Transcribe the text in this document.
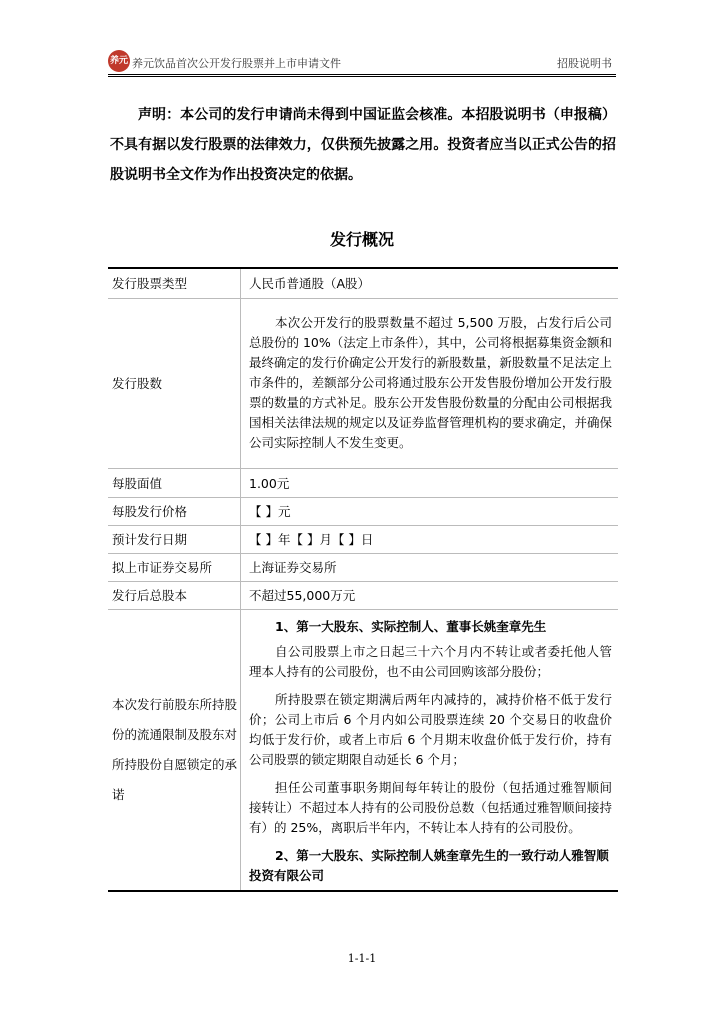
养元 养元饮品首次公开发行股票并上市申请文件	招股说明书
声明：本公司的发行申请尚未得到中国证监会核准。本招股说明书（申报稿）不具有据以发行股票的法律效力，仅供预先披露之用。投资者应当以正式公告的招股说明书全文作为作出投资决定的依据。
发行概况
发行股票类型	人民币普通股（A股）
发行股数	本次公开发行的股票数量不超过 5,500 万股，占发行后公司总股份的 10%（法定上市条件），其中，公司将根据募集资金额和最终确定的发行价确定公开发行的新股数量，新股数量不足法定上市条件的，差额部分公司将通过股东公开发售股份增加公开发行股票的数量的方式补足。股东公开发售股份数量的分配由公司根据我国相关法律法规的规定以及证券监督管理机构的要求确定，并确保公司实际控制人不发生变更。

每股面值	1.00元
每股发行价格	【 】元
预计发行日期	【 】年【 】月【 】日
拟上市证券交易所	上海证券交易所
发行后总股本	不超过55,000万元
本次发行前股东所持股份的流通限制及股东对所持股份自愿锁定的承诺	1、第一大股东、实际控制人、董事长姚奎章先生
自公司股票上市之日起三十六个月内不转让或者委托他人管理本人持有的公司股份，也不由公司回购该部分股份；
所持股票在锁定期满后两年内减持的，减持价格不低于发行价；公司上市后 6 个月内如公司股票连续 20 个交易日的收盘价均低于发行价，或者上市后 6 个月期末收盘价低于发行价，持有公司股票的锁定期限自动延长 6 个月；
担任公司董事职务期间每年转让的股份（包括通过雅智顺间接转让）不超过本人持有的公司股份总数（包括通过雅智顺间接持有）的 25%，离职后半年内，不转让本人持有的公司股份。
2、第一大股东、实际控制人姚奎章先生的一致行动人雅智顺投资有限公司
1-1-1
